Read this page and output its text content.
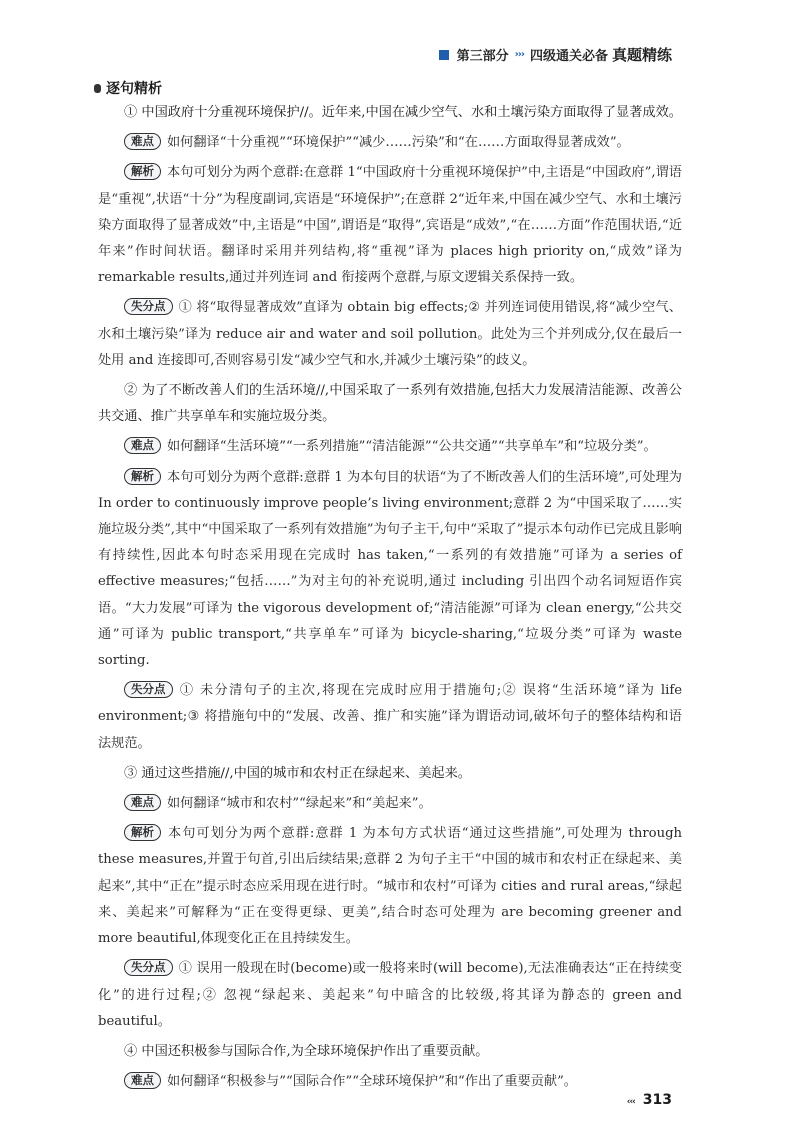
第三部分 ››› 四级通关必备 真题精练
逐句精析

① 中国政府十分重视环境保护//。近年来,中国在减少空气、水和土壤污染方面取得了显著成效。

难点 如何翻译“十分重视”“环境保护”“减少……污染”和“在……方面取得显著成效”。

解析 本句可划分为两个意群:在意群 1“中国政府十分重视环境保护”中,主语是“中国政府”,谓语是“重视”,状语“十分”为程度副词,宾语是“环境保护”;在意群 2“近年来,中国在减少空气、水和土壤污染方面取得了显著成效”中,主语是“中国”,谓语是“取得”,宾语是“成效”,“在……方面”作范围状语,“近年来”作时间状语。翻译时采用并列结构,将“重视”译为 places high priority on,“成效”译为 remarkable results,通过并列连词 and 衔接两个意群,与原文逻辑关系保持一致。

失分点 ① 将“取得显著成效”直译为 obtain big effects;② 并列连词使用错误,将“减少空气、水和土壤污染”译为 reduce air and water and soil pollution。此处为三个并列成分,仅在最后一处用 and 连接即可,否则容易引发“减少空气和水,并减少土壤污染”的歧义。

② 为了不断改善人们的生活环境//,中国采取了一系列有效措施,包括大力发展清洁能源、改善公共交通、推广共享单车和实施垃圾分类。

难点 如何翻译“生活环境”“一系列措施”“清洁能源”“公共交通”“共享单车”和“垃圾分类”。

解析 本句可划分为两个意群:意群 1 为本句目的状语“为了不断改善人们的生活环境”,可处理为 In order to continuously improve people’s living environment;意群 2 为“中国采取了……实施垃圾分类”,其中“中国采取了一系列有效措施”为句子主干,句中“采取了”提示本句动作已完成且影响有持续性,因此本句时态采用现在完成时 has taken,“一系列的有效措施”可译为 a series of effective measures;“包括……”为对主句的补充说明,通过 including 引出四个动名词短语作宾语。“大力发展”可译为 the vigorous development of;“清洁能源”可译为 clean energy,“公共交通”可译为 public transport,“共享单车”可译为 bicycle-sharing,“垃圾分类”可译为 waste sorting.

失分点 ① 未分清句子的主次,将现在完成时应用于措施句;② 误将“生活环境”译为 life environment;③ 将措施句中的“发展、改善、推广和实施”译为谓语动词,破坏句子的整体结构和语法规范。

③ 通过这些措施//,中国的城市和农村正在绿起来、美起来。

难点 如何翻译“城市和农村”“绿起来”和“美起来”。

解析 本句可划分为两个意群:意群 1 为本句方式状语“通过这些措施”,可处理为 through these measures,并置于句首,引出后续结果;意群 2 为句子主干“中国的城市和农村正在绿起来、美起来”,其中“正在”提示时态应采用现在进行时。“城市和农村”可译为 cities and rural areas,“绿起来、美起来”可解释为“正在变得更绿、更美”,结合时态可处理为 are becoming greener and more beautiful,体现变化正在且持续发生。

失分点 ① 误用一般现在时(become)或一般将来时(will become),无法准确表达“正在持续变化”的进行过程;② 忽视“绿起来、美起来”句中暗含的比较级,将其译为静态的 green and beautiful。

④ 中国还积极参与国际合作,为全球环境保护作出了重要贡献。

难点 如何翻译“积极参与”“国际合作”“全球环境保护”和“作出了重要贡献”。

‹‹‹ 313
